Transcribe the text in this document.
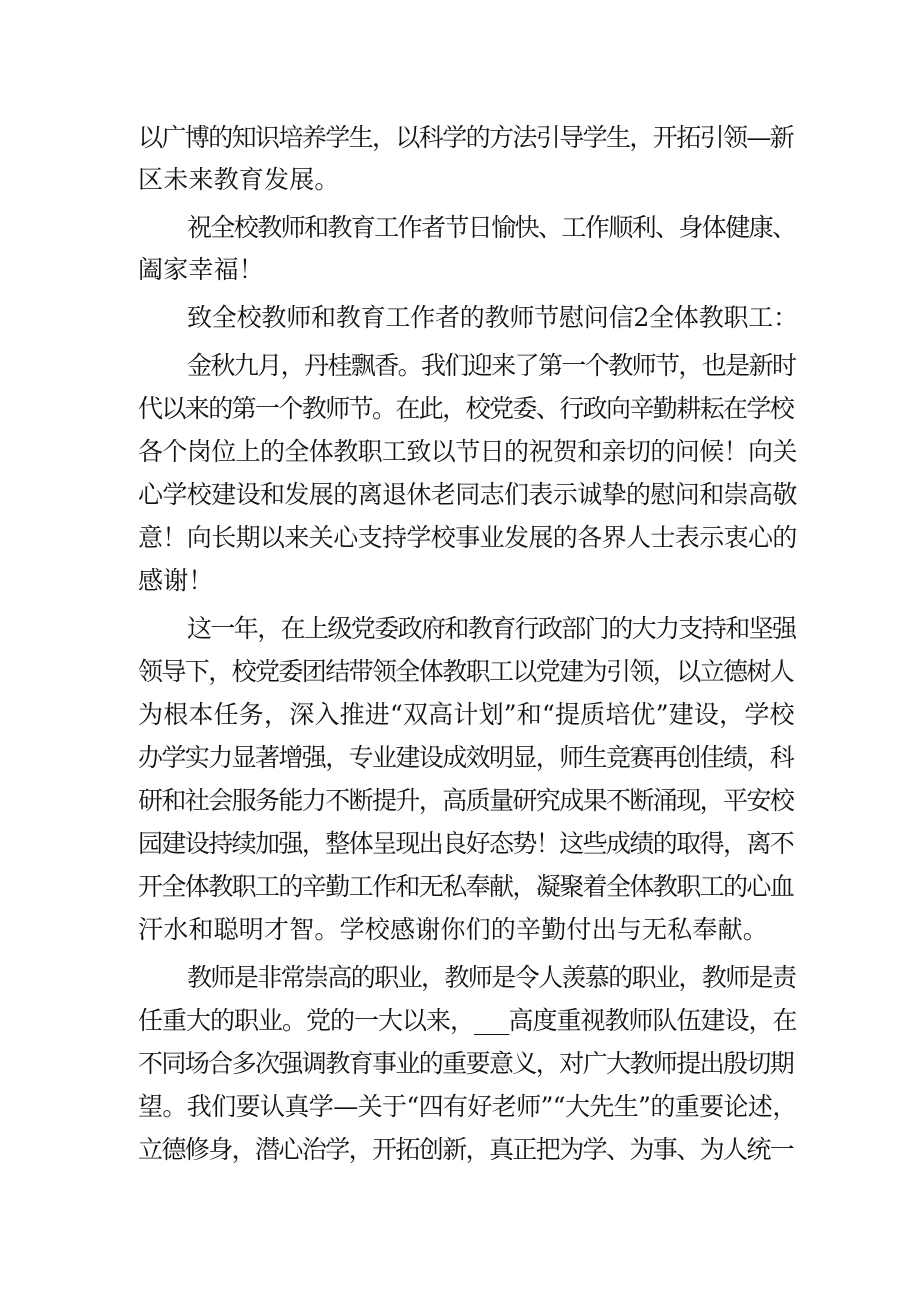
以广博的知识培养学生，以科学的方法引导学生，开拓引领—新
区未来教育发展。
祝全校教师和教育工作者节日愉快、工作顺利、身体健康、
阖家幸福！
致全校教师和教育工作者的教师节慰问信2全体教职工：
金秋九月，丹桂飘香。我们迎来了第一个教师节，也是新时
代以来的第一个教师节。在此，校党委、行政向辛勤耕耘在学校
各个岗位上的全体教职工致以节日的祝贺和亲切的问候！向关
心学校建设和发展的离退休老同志们表示诚挚的慰问和崇高敬
意！向长期以来关心支持学校事业发展的各界人士表示衷心的
感谢！
这一年，在上级党委政府和教育行政部门的大力支持和坚强
领导下，校党委团结带领全体教职工以党建为引领，以立德树人
为根本任务，深入推进“双高计划”和“提质培优”建设，学校
办学实力显著增强，专业建设成效明显，师生竞赛再创佳绩，科
研和社会服务能力不断提升，高质量研究成果不断涌现，平安校
园建设持续加强，整体呈现出良好态势！这些成绩的取得，离不
开全体教职工的辛勤工作和无私奉献，凝聚着全体教职工的心血
汗水和聪明才智。学校感谢你们的辛勤付出与无私奉献。
教师是非常崇高的职业，教师是令人羡慕的职业，教师是责
任重大的职业。党的一大以来，___高度重视教师队伍建设，在
不同场合多次强调教育事业的重要意义，对广大教师提出殷切期
望。我们要认真学—关于“四有好老师”“大先生”的重要论述，
立德修身，潜心治学，开拓创新，真正把为学、为事、为人统一
